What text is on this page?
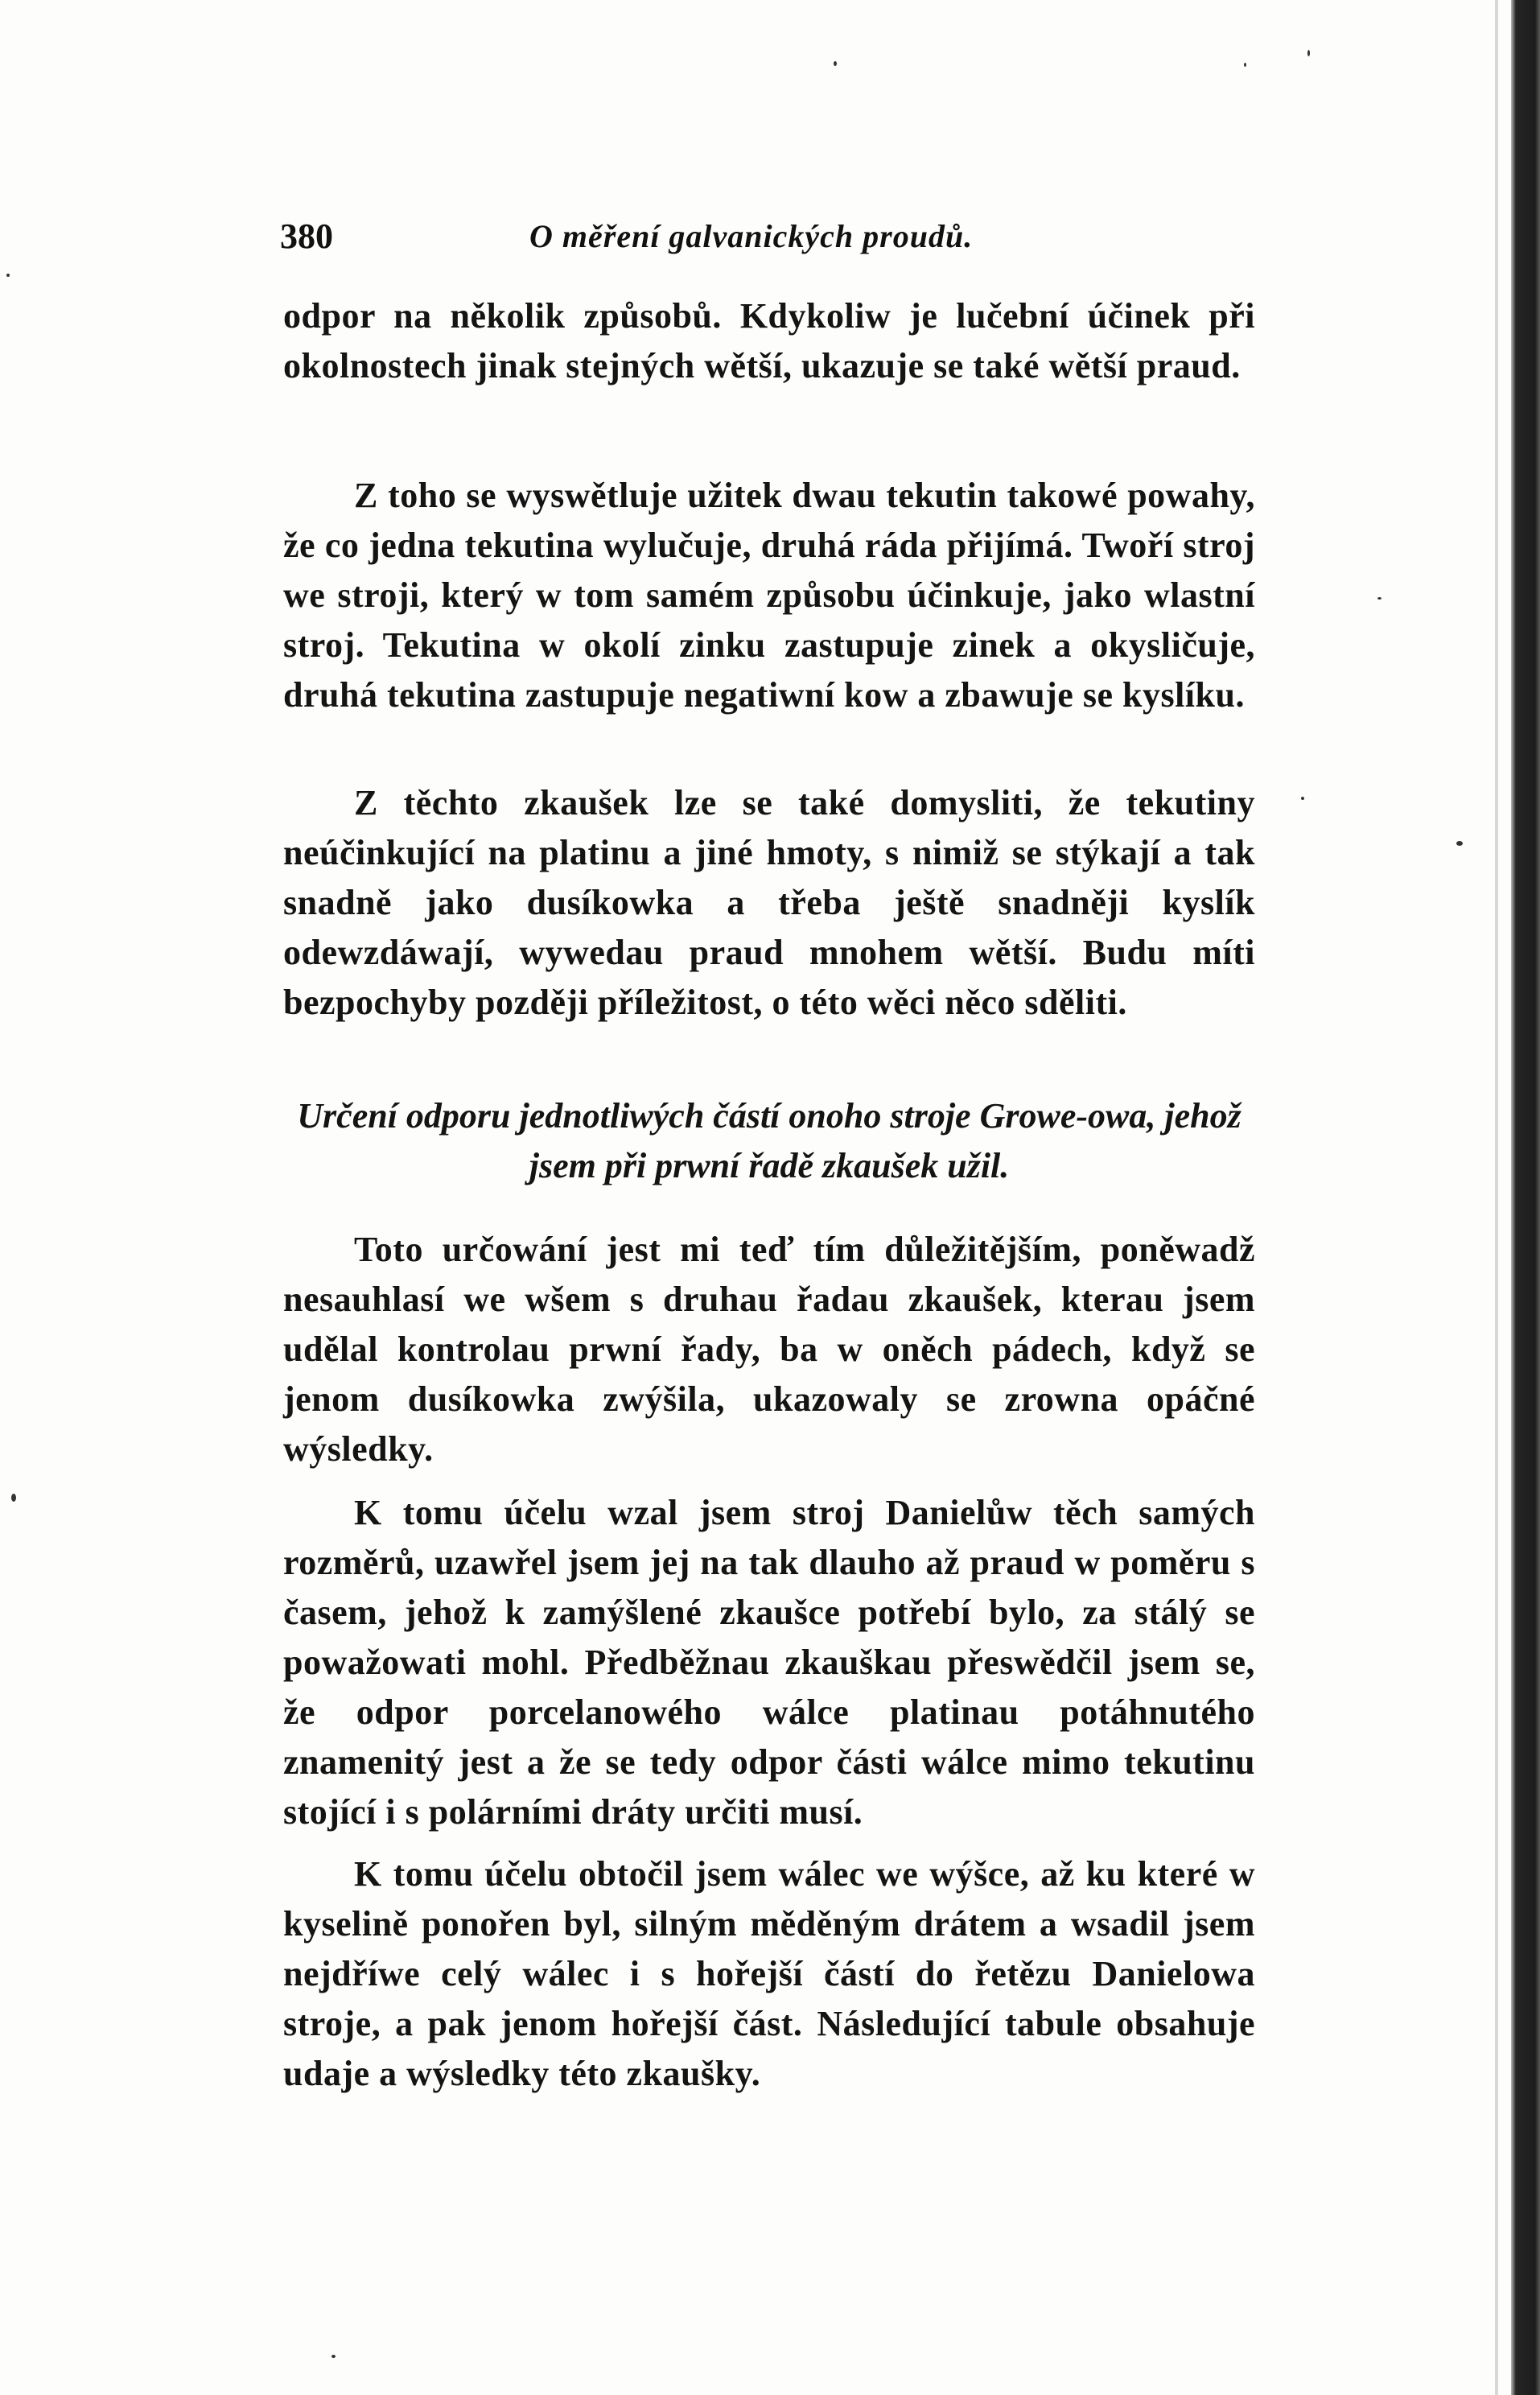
380	O měření galvanických proudů.

odpor na několik způsobů. Kdykoliw je lučební účinek při okolnostech jinak stejných wětší, ukazuje se také wětší praud.

Z toho se wyswětluje užitek dwau tekutin takowé powahy, že co jedna tekutina wylučuje, druhá ráda přijímá. Twoří stroj we stroji, který w tom samém způsobu účinkuje, jako wlastní stroj. Tekutina w okolí zinku zastupuje zinek a okysličuje, druhá tekutina zastupuje negatiwní kow a zbawuje se kyslíku.

Z těchto zkaušek lze se také domysliti, že tekutiny neúčinkující na platinu a jiné hmoty, s nimiž se stýkají a tak snadně jako dusíkowka a třeba ještě snadněji kyslík odewzdáwají, wywedau praud mnohem wětší. Budu míti bezpochyby později příležitost, o této wěci něco sděliti.

Určení odporu jednotliwých částí onoho stroje Growe-owa, jehož jsem při prwní řadě zkaušek užil.

Toto určowání jest mi teď tím důležitějším, poněwadž nesauhlasí we wšem s druhau řadau zkaušek, kterau jsem udělal kontrolau prwní řady, ba w oněch pádech, když se jenom dusíkowka zwýšila, ukazowaly se zrowna opáčné wýsledky.

K tomu účelu wzal jsem stroj Danielůw těch samých rozměrů, uzawřel jsem jej na tak dlauho až praud w poměru s časem, jehož k zamýšlené zkaušce potřebí bylo, za stálý se powažowati mohl. Předběžnau zkauškau přeswědčil jsem se, že odpor porcelanowého wálce platinau potáhnutého znamenitý jest a že se tedy odpor části wálce mimo tekutinu stojící i s polárními dráty určiti musí.

K tomu účelu obtočil jsem wálec we wýšce, až ku které w kyselině ponořen byl, silným měděným drátem a wsadil jsem nejdříwe celý wálec i s hořejší částí do řetězu Danielowa stroje, a pak jenom hořejší část. Následující tabule obsahuje udaje a wýsledky této zkaušky.
